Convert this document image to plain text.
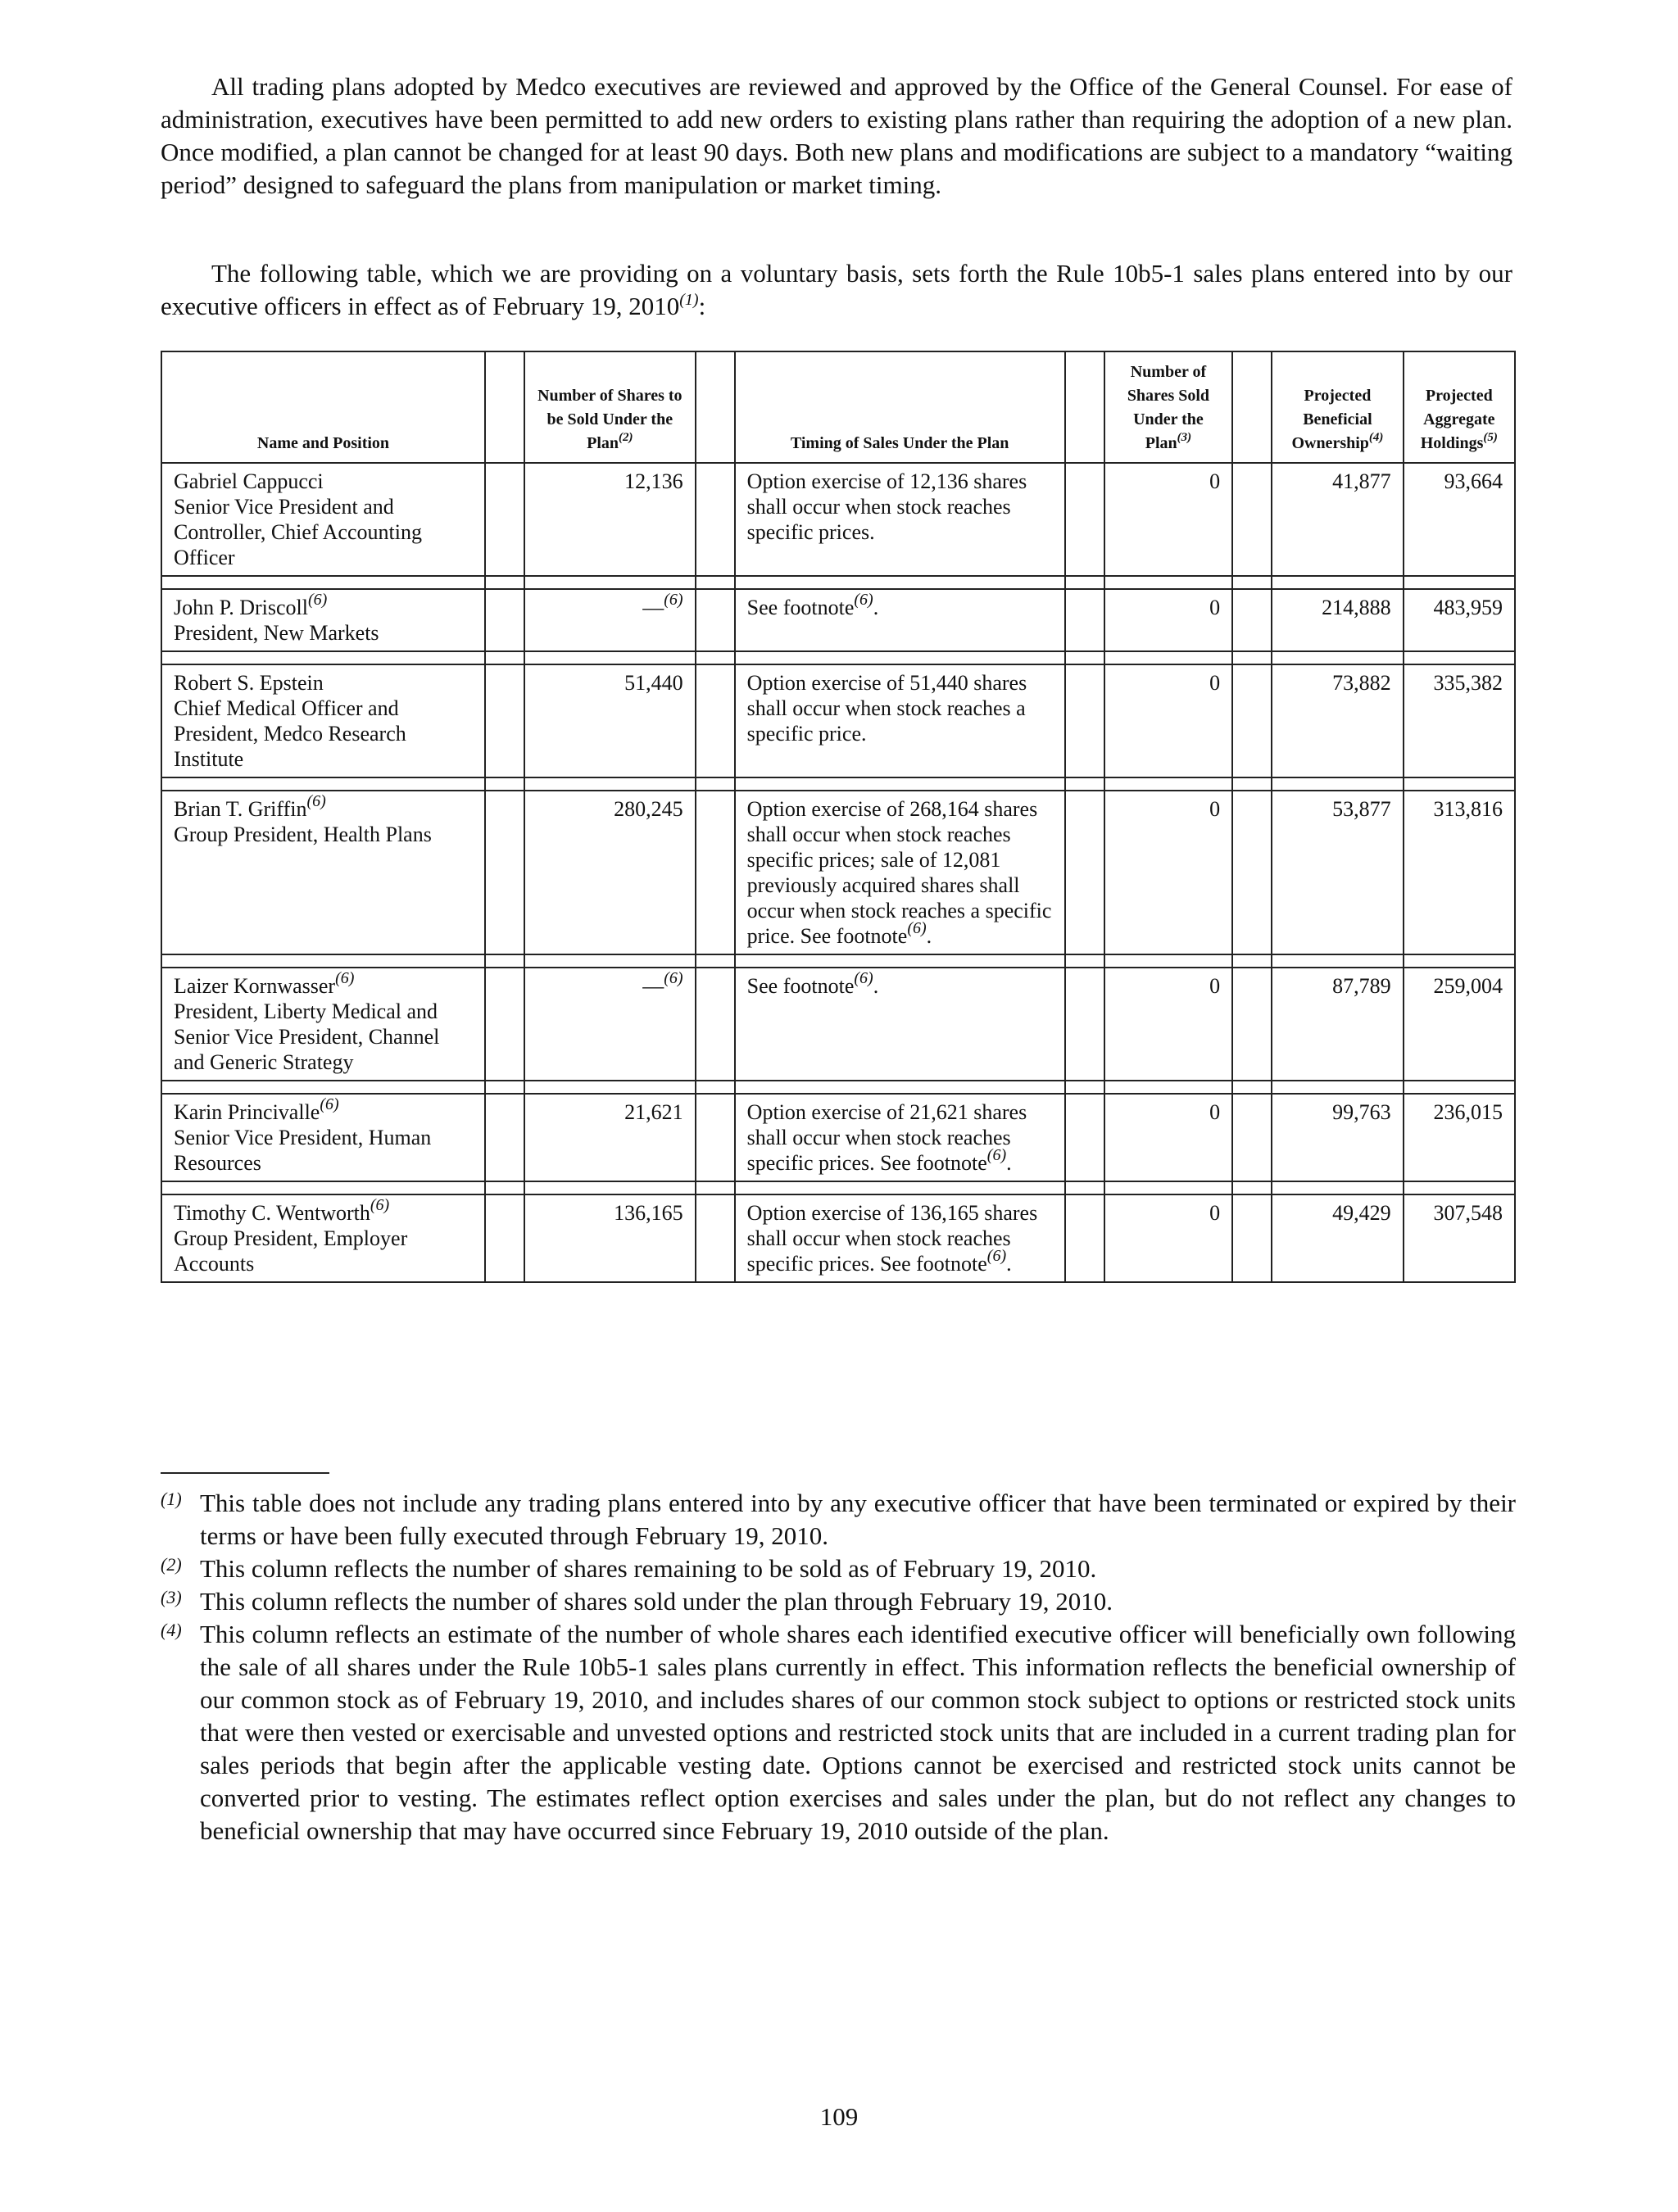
All trading plans adopted by Medco executives are reviewed and approved by the Office of the General Counsel. For ease of administration, executives have been permitted to add new orders to existing plans rather than requiring the adoption of a new plan. Once modified, a plan cannot be changed for at least 90 days. Both new plans and modifications are subject to a mandatory “waiting period” designed to safeguard the plans from manipulation or market timing.

The following table, which we are providing on a voluntary basis, sets forth the Rule 10b5-1 sales plans entered into by our executive officers in effect as of February 19, 2010$^{(1)}$:

Name and Position		Number of Shares to be Sold Under the Plan$^{(2)}$		Timing of Sales Under the Plan		Number of Shares Sold Under the Plan$^{(3)}$		Projected Beneficial Ownership$^{(4)}$	Projected Aggregate Holdings$^{(5)}$

Gabriel Cappucci
Senior Vice President and Controller, Chief Accounting Officer		12,136		Option exercise of 12,136 shares shall occur when stock reaches specific prices.		0		41,877	93,664

John P. Driscoll$^{(6)}$
President, New Markets		—$^{(6)}$		See footnote$^{(6)}$.		0		214,888	483,959

Robert S. Epstein
Chief Medical Officer and President, Medco Research Institute		51,440		Option exercise of 51,440 shares shall occur when stock reaches a specific price.		0		73,882	335,382

Brian T. Griffin$^{(6)}$
Group President, Health Plans		280,245		Option exercise of 268,164 shares shall occur when stock reaches specific prices; sale of 12,081 previously acquired shares shall occur when stock reaches a specific price. See footnote$^{(6)}$.		0		53,877	313,816

Laizer Kornwasser$^{(6)}$
President, Liberty Medical and Senior Vice President, Channel and Generic Strategy		—$^{(6)}$		See footnote$^{(6)}$.		0		87,789	259,004

Karin Princivalle$^{(6)}$
Senior Vice President, Human Resources		21,621		Option exercise of 21,621 shares shall occur when stock reaches specific prices. See footnote$^{(6)}$.		0		99,763	236,015

Timothy C. Wentworth$^{(6)}$
Group President, Employer Accounts		136,165		Option exercise of 136,165 shares shall occur when stock reaches specific prices. See footnote$^{(6)}$.		0		49,429	307,548
(1) This table does not include any trading plans entered into by any executive officer that have been terminated or expired by their terms or have been fully executed through February 19, 2010.
(2) This column reflects the number of shares remaining to be sold as of February 19, 2010.
(3) This column reflects the number of shares sold under the plan through February 19, 2010.
(4) This column reflects an estimate of the number of whole shares each identified executive officer will beneficially own following the sale of all shares under the Rule 10b5-1 sales plans currently in effect. This information reflects the beneficial ownership of our common stock as of February 19, 2010, and includes shares of our common stock subject to options or restricted stock units that were then vested or exercisable and unvested options and restricted stock units that are included in a current trading plan for sales periods that begin after the applicable vesting date. Options cannot be exercised and restricted stock units cannot be converted prior to vesting. The estimates reflect option exercises and sales under the plan, but do not reflect any changes to beneficial ownership that may have occurred since February 19, 2010 outside of the plan.
109
